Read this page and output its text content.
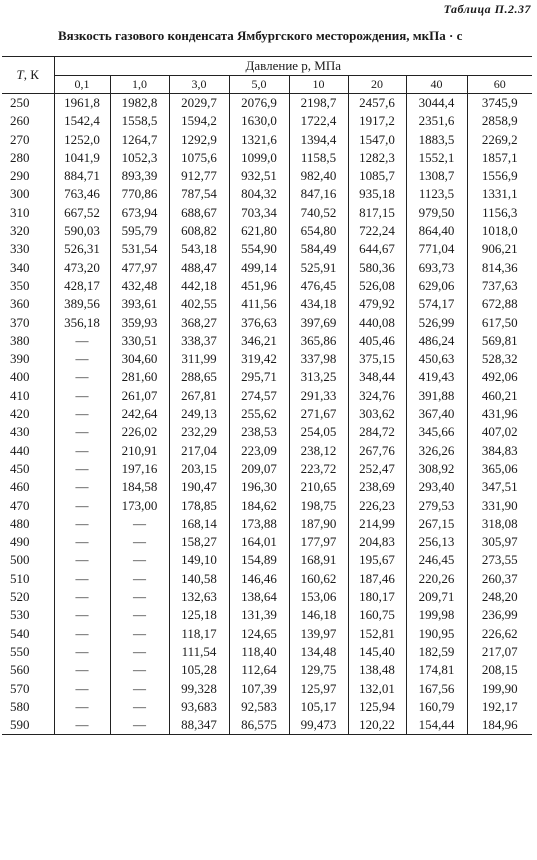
Таблица П.2.37
Вязкость газового конденсата Ямбургского месторождения, мкПа · с
T, К	Давление p, МПа							
	0,1	1,0	3,0	5,0	10	20	40	60
250	1961,8	1982,8	2029,7	2076,9	2198,7	2457,6	3044,4	3745,9
260	1542,4	1558,5	1594,2	1630,0	1722,4	1917,2	2351,6	2858,9
270	1252,0	1264,7	1292,9	1321,6	1394,4	1547,0	1883,5	2269,2
280	1041,9	1052,3	1075,6	1099,0	1158,5	1282,3	1552,1	1857,1
290	884,71	893,39	912,77	932,51	982,40	1085,7	1308,7	1556,9
300	763,46	770,86	787,54	804,32	847,16	935,18	1123,5	1331,1
310	667,52	673,94	688,67	703,34	740,52	817,15	979,50	1156,3
320	590,03	595,79	608,82	621,80	654,80	722,24	864,40	1018,0
330	526,31	531,54	543,18	554,90	584,49	644,67	771,04	906,21
340	473,20	477,97	488,47	499,14	525,91	580,36	693,73	814,36
350	428,17	432,48	442,18	451,96	476,45	526,08	629,06	737,63
360	389,56	393,61	402,55	411,56	434,18	479,92	574,17	672,88
370	356,18	359,93	368,27	376,63	397,69	440,08	526,99	617,50
380	—	330,51	338,37	346,21	365,86	405,46	486,24	569,81
390	—	304,60	311,99	319,42	337,98	375,15	450,63	528,32
400	—	281,60	288,65	295,71	313,25	348,44	419,43	492,06
410	—	261,07	267,81	274,57	291,33	324,76	391,88	460,21
420	—	242,64	249,13	255,62	271,67	303,62	367,40	431,96
430	—	226,02	232,29	238,53	254,05	284,72	345,66	407,02
440	—	210,91	217,04	223,09	238,12	267,76	326,26	384,83
450	—	197,16	203,15	209,07	223,72	252,47	308,92	365,06
460	—	184,58	190,47	196,30	210,65	238,69	293,40	347,51
470	—	173,00	178,85	184,62	198,75	226,23	279,53	331,90
480	—	—	168,14	173,88	187,90	214,99	267,15	318,08
490	—	—	158,27	164,01	177,97	204,83	256,13	305,97
500	—	—	149,10	154,89	168,91	195,67	246,45	273,55
510	—	—	140,58	146,46	160,62	187,46	220,26	260,37
520	—	—	132,63	138,64	153,06	180,17	209,71	248,20
530	—	—	125,18	131,39	146,18	160,75	199,98	236,99
540	—	—	118,17	124,65	139,97	152,81	190,95	226,62
550	—	—	111,54	118,40	134,48	145,40	182,59	217,07
560	—	—	105,28	112,64	129,75	138,48	174,81	208,15
570	—	—	99,328	107,39	125,97	132,01	167,56	199,90
580	—	—	93,683	92,583	105,17	125,94	160,79	192,17
590	—	—	88,347	86,575	99,473	120,22	154,44	184,96
